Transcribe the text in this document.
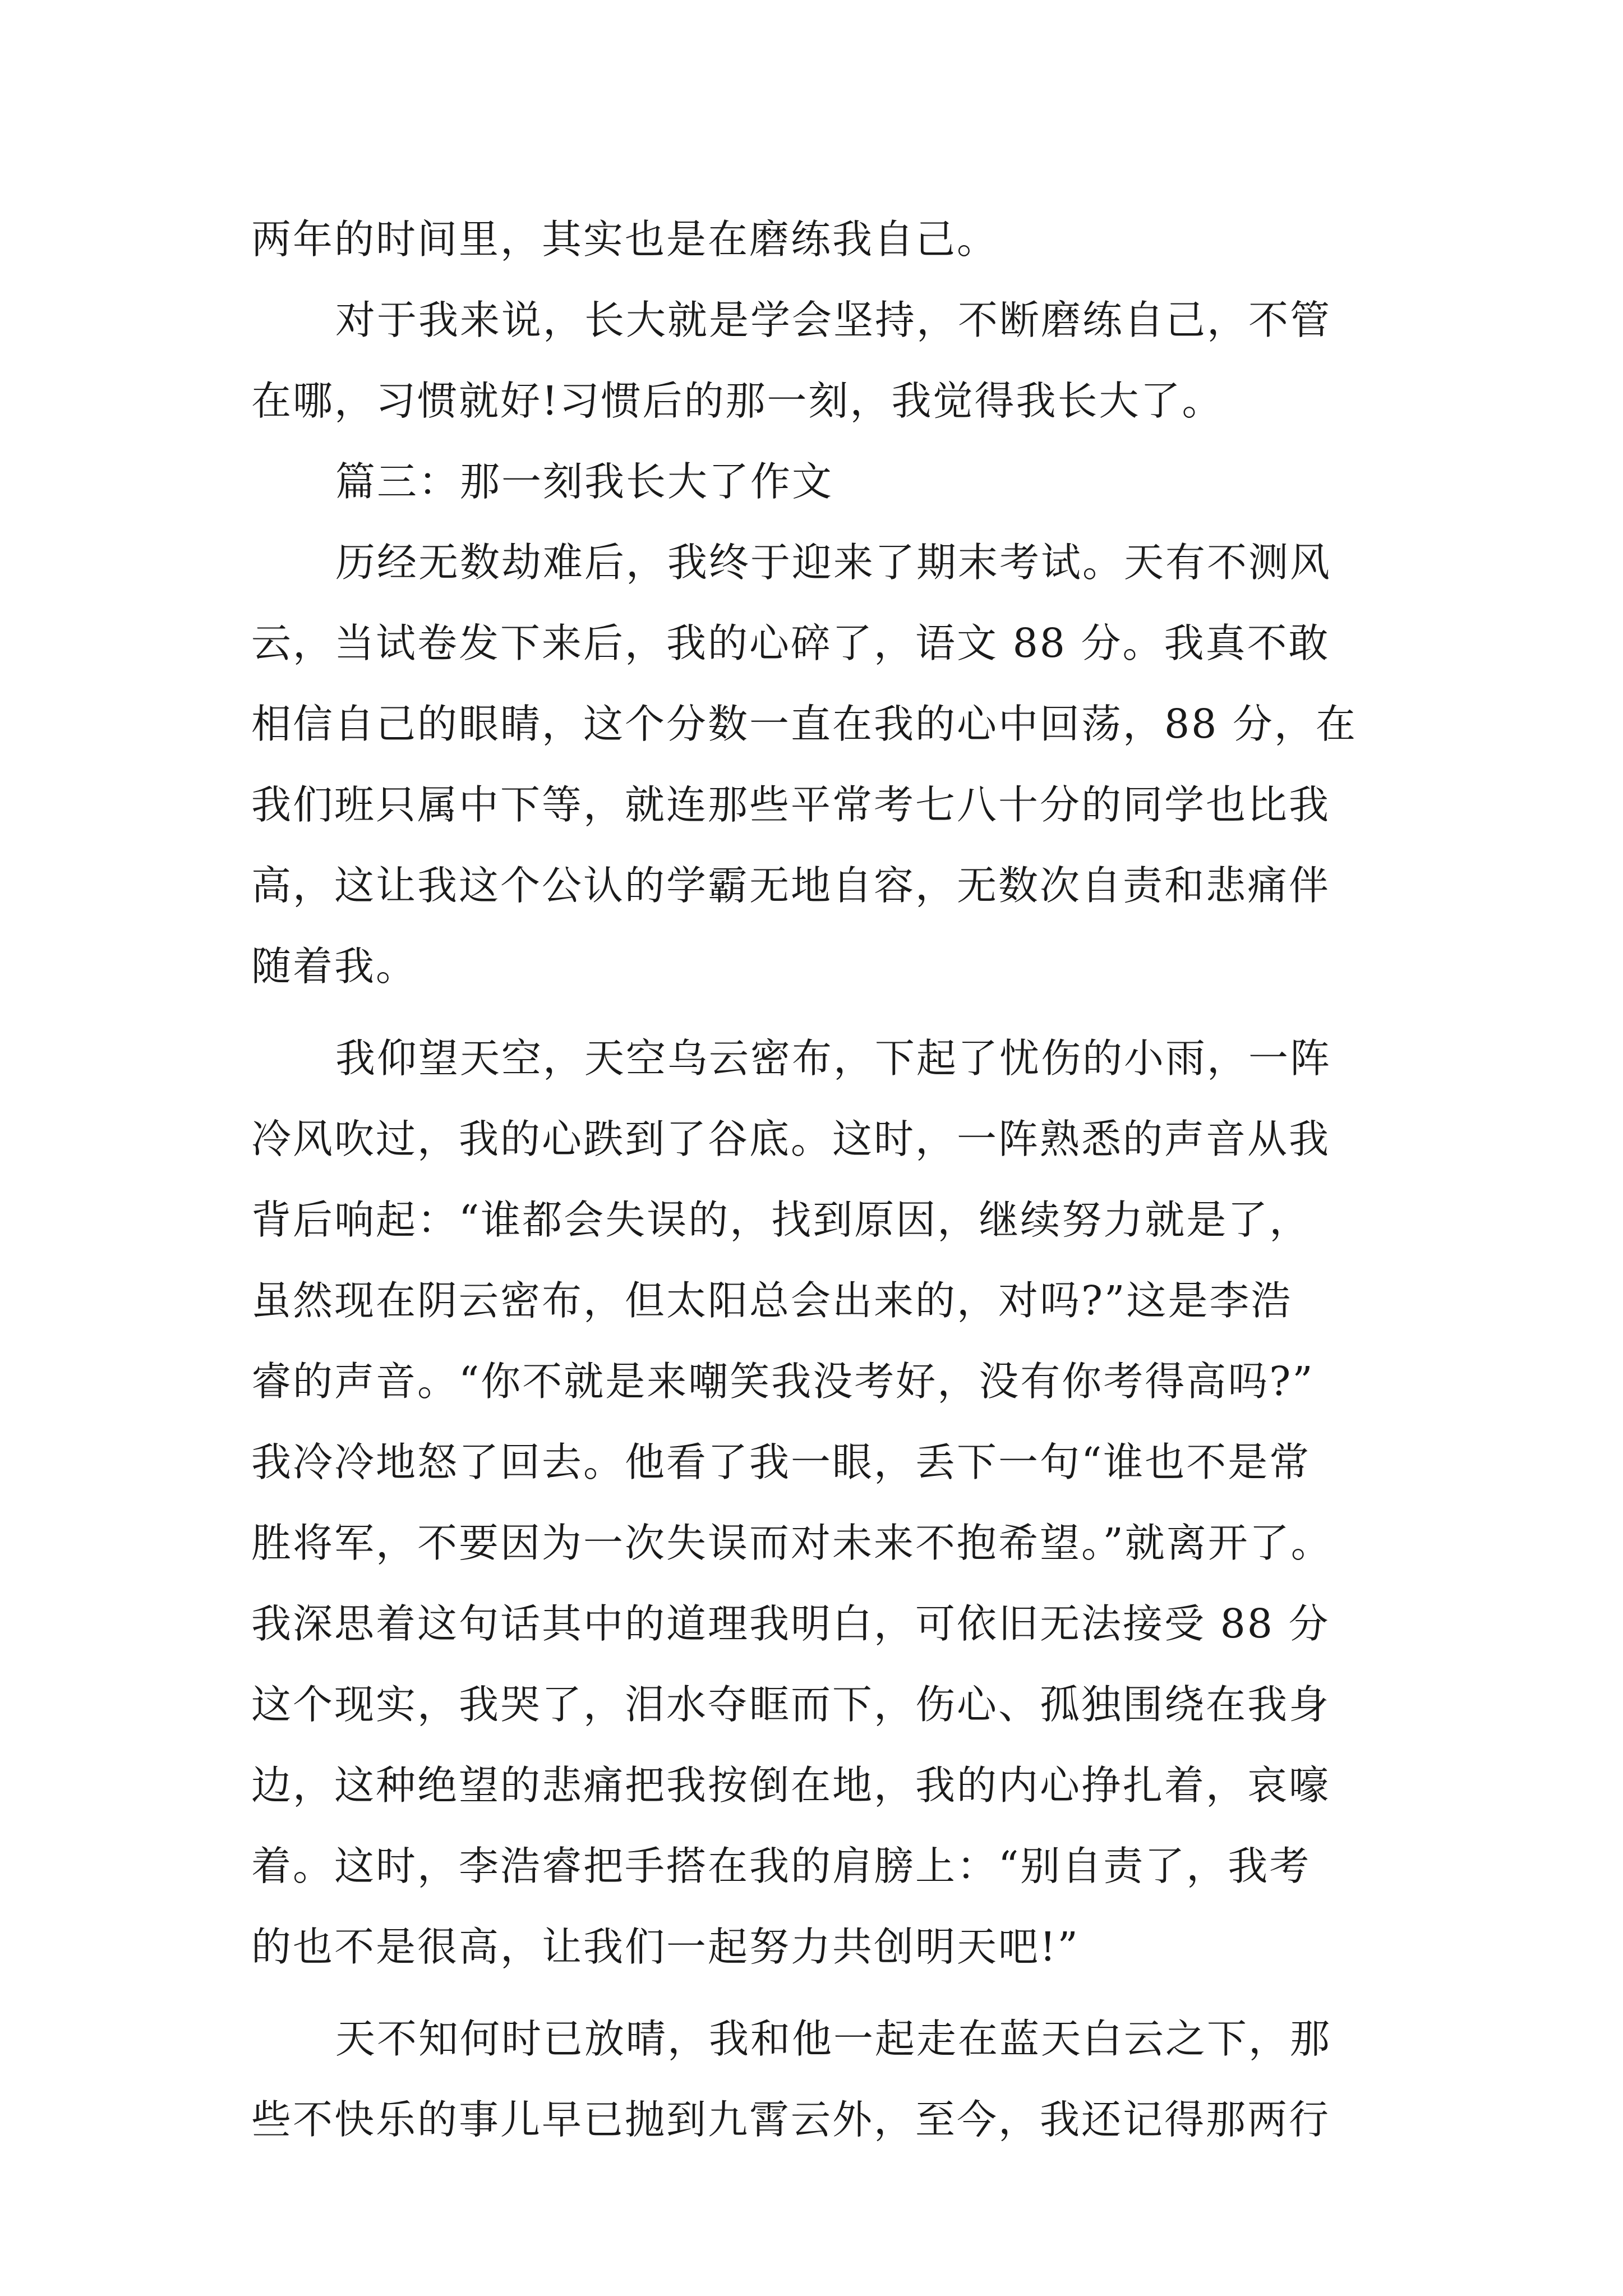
两年的时间里，其实也是在磨练我自己。
对于我来说，长大就是学会坚持，不断磨练自己，不管
在哪，习惯就好!习惯后的那一刻，我觉得我长大了。
篇三：那一刻我长大了作文
历经无数劫难后，我终于迎来了期末考试。天有不测风
云，当试卷发下来后，我的心碎了，语文 88 分。我真不敢
相信自己的眼睛，这个分数一直在我的心中回荡，88 分，在
我们班只属中下等，就连那些平常考七八十分的同学也比我
高，这让我这个公认的学霸无地自容，无数次自责和悲痛伴
随着我。
我仰望天空，天空乌云密布，下起了忧伤的小雨，一阵
冷风吹过，我的心跌到了谷底。这时，一阵熟悉的声音从我
背后响起：“谁都会失误的，找到原因，继续努力就是了，
虽然现在阴云密布，但太阳总会出来的，对吗?”这是李浩
睿的声音。“你不就是来嘲笑我没考好，没有你考得高吗?”
我冷冷地怒了回去。他看了我一眼，丢下一句“谁也不是常
胜将军，不要因为一次失误而对未来不抱希望。”就离开了。
我深思着这句话其中的道理我明白，可依旧无法接受 88 分
这个现实，我哭了，泪水夺眶而下，伤心、孤独围绕在我身
边，这种绝望的悲痛把我按倒在地，我的内心挣扎着，哀嚎
着。这时，李浩睿把手搭在我的肩膀上：“别自责了，我考
的也不是很高，让我们一起努力共创明天吧!”
天不知何时已放晴，我和他一起走在蓝天白云之下，那
些不快乐的事儿早已抛到九霄云外，至今，我还记得那两行
